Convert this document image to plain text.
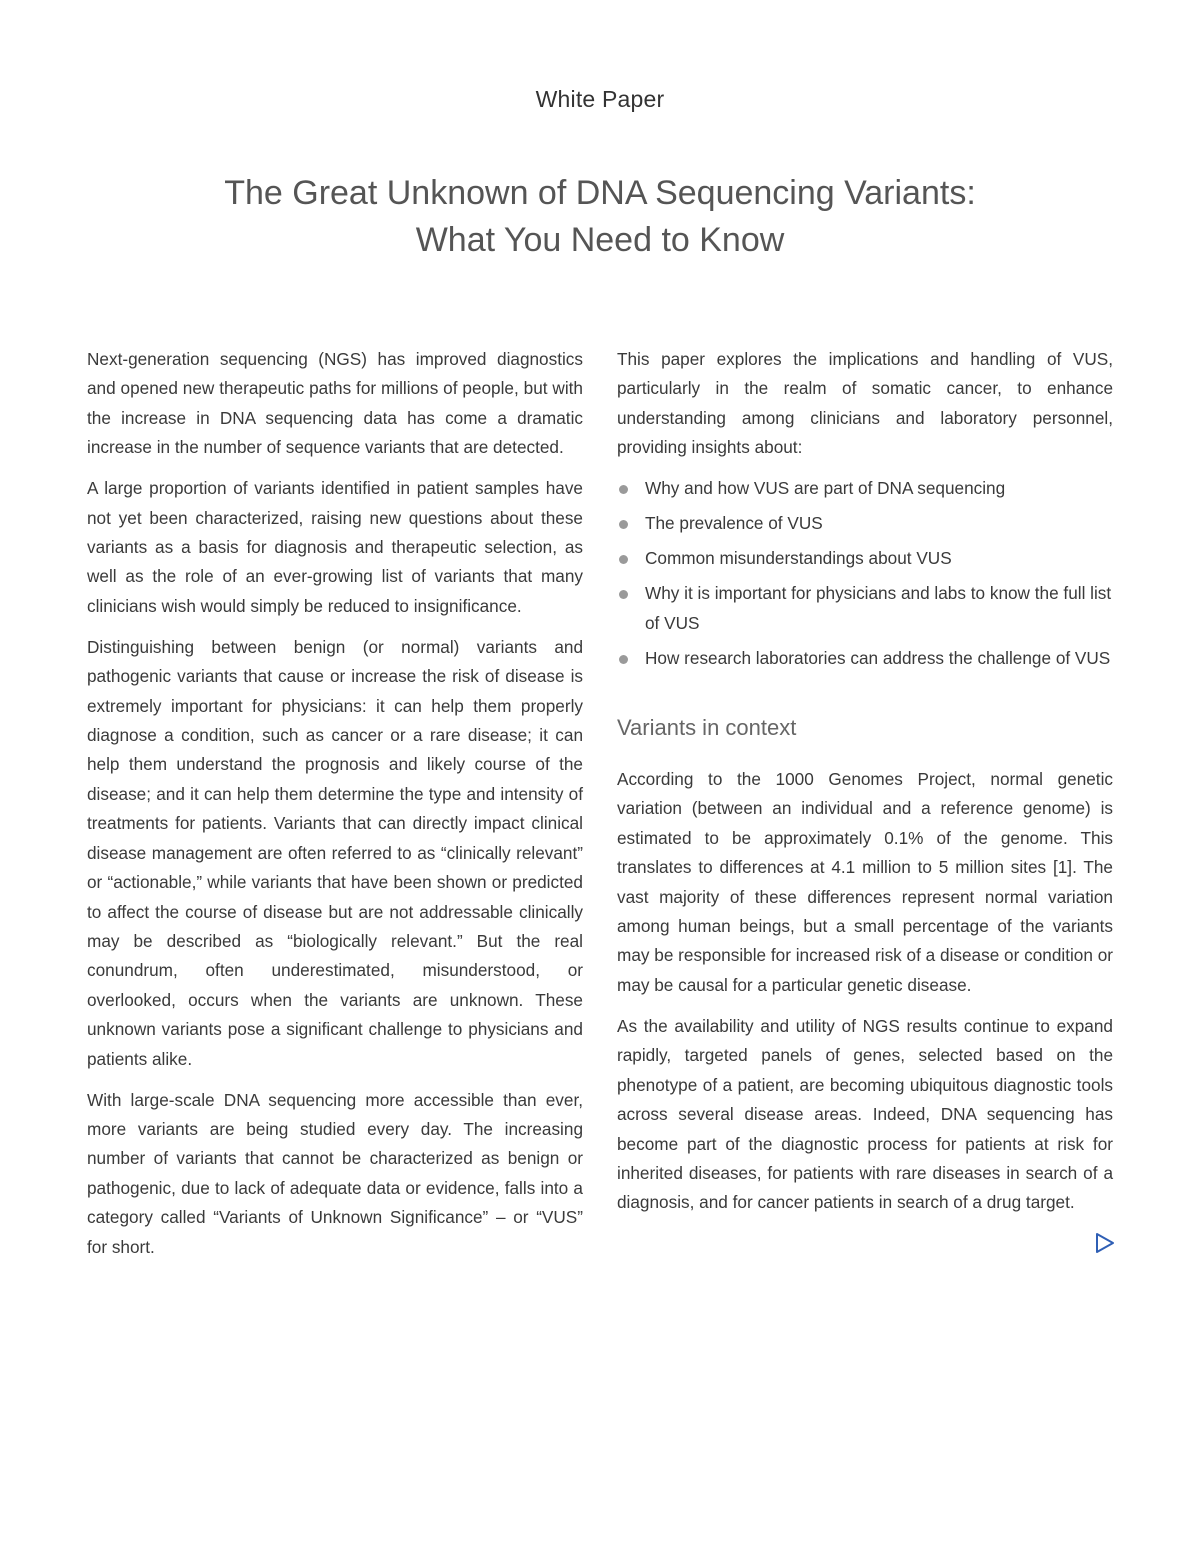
White Paper
The Great Unknown of DNA Sequencing Variants:
What You Need to Know

Next-generation sequencing (NGS) has improved diagnostics and opened new therapeutic paths for millions of people, but with the increase in DNA sequencing data has come a dramatic increase in the number of sequence variants that are detected.

A large proportion of variants identified in patient samples have not yet been characterized, raising new questions about these variants as a basis for diagnosis and therapeutic selection, as well as the role of an ever-growing list of variants that many clinicians wish would simply be reduced to insignificance.

Distinguishing between benign (or normal) variants and pathogenic variants that cause or increase the risk of disease is extremely important for physicians: it can help them properly diagnose a condition, such as cancer or a rare disease; it can help them understand the prognosis and likely course of the disease; and it can help them determine the type and intensity of treatments for patients. Variants that can directly impact clinical disease management are often referred to as “clinically relevant” or “actionable,” while variants that have been shown or predicted to affect the course of disease but are not addressable clinically may be described as “biologically relevant.” But the real conundrum, often underestimated, misunderstood, or overlooked, occurs when the variants are unknown. These unknown variants pose a significant challenge to physicians and patients alike.

With large-scale DNA sequencing more accessible than ever, more variants are being studied every day. The increasing number of variants that cannot be characterized as benign or pathogenic, due to lack of adequate data or evidence, falls into a category called “Variants of Unknown Significance” – or “VUS” for short.

This paper explores the implications and handling of VUS, particularly in the realm of somatic cancer, to enhance understanding among clinicians and laboratory personnel, providing insights about:

Why and how VUS are part of DNA sequencing
The prevalence of VUS
Common misunderstandings about VUS
Why it is important for physicians and labs to know the full list of VUS
How research laboratories can address the challenge of VUS
Variants in context

According to the 1000 Genomes Project, normal genetic variation (between an individual and a reference genome) is estimated to be approximately 0.1% of the genome. This translates to differences at 4.1 million to 5 million sites [1]. The vast majority of these differences represent normal variation among human beings, but a small percentage of the variants may be responsible for increased risk of a disease or condition or may be causal for a particular genetic disease.

As the availability and utility of NGS results continue to expand rapidly, targeted panels of genes, selected based on the phenotype of a patient, are becoming ubiquitous diagnostic tools across several disease areas. Indeed, DNA sequencing has become part of the diagnostic process for patients at risk for inherited diseases, for patients with rare diseases in search of a diagnosis, and for cancer patients in search of a drug target.
